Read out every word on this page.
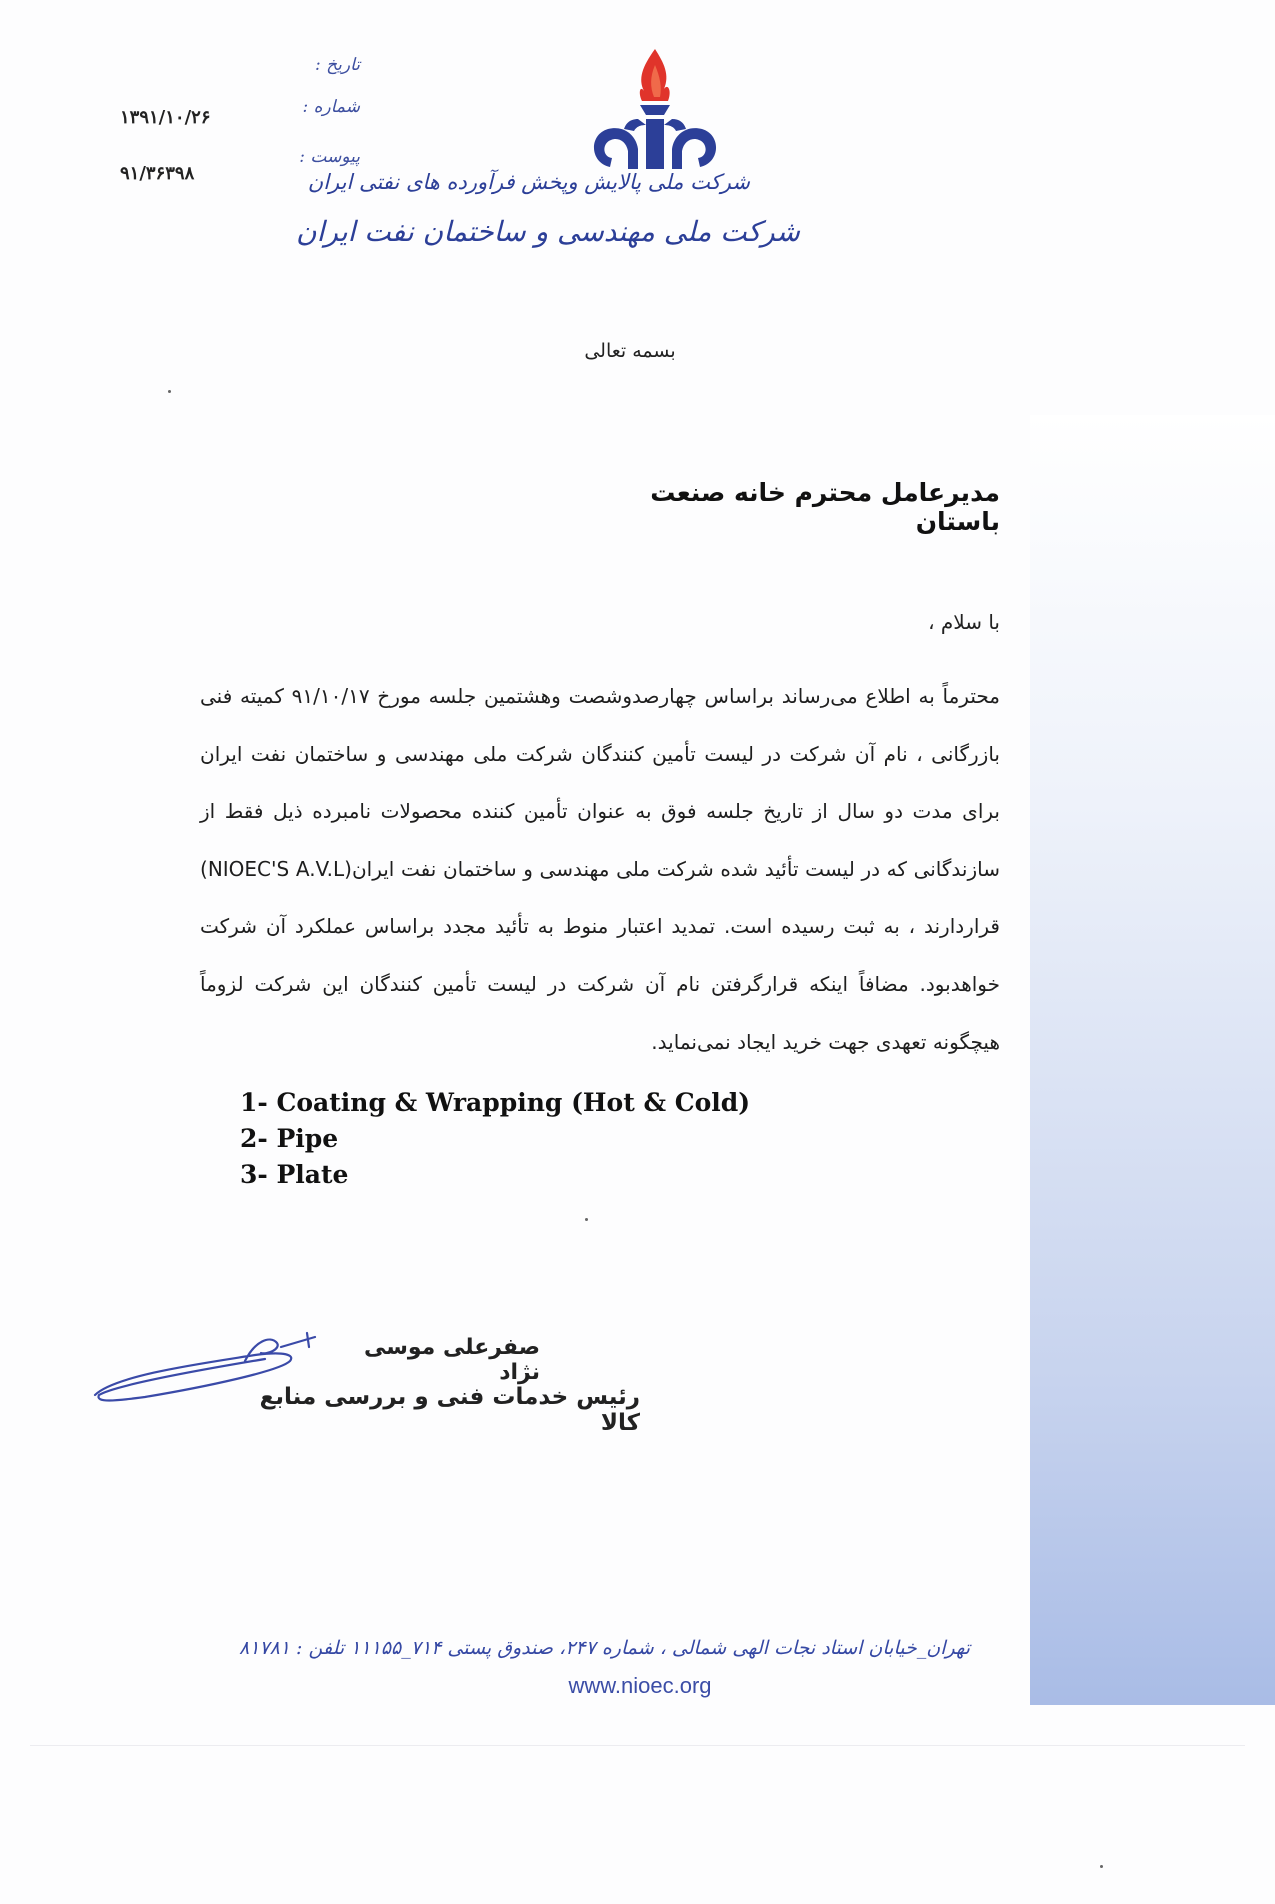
تاریخ :
شماره :
پیوست :
۱۳۹۱/۱۰/۲۶
۹۱/۳۶۳۹۸	شرکت ملی پالایش وپخش فرآورده های نفتی ایران
شرکت ملی مهندسی و ساختمان نفت ایران
بسمه تعالی
مدیرعامل محترم خانه صنعت باستان
با سلام ،
محترماً به اطلاع می‌رساند براساس چهارصدوشصت وهشتمین جلسه مورخ ۹۱/۱۰/۱۷ کمیته فنی بازرگانی ، نام آن شرکت در لیست تأمین کنندگان شرکت ملی مهندسی و ساختمان نفت ایران برای مدت دو سال از تاریخ جلسه فوق به عنوان تأمین کننده محصولات نامبرده ذیل فقط از سازندگانی که در لیست تأئید شده شرکت ملی مهندسی و ساختمان نفت ایران(NIOEC'S A.V.L) قراردارند ، به ثبت رسیده است. تمدید اعتبار منوط به تأئید مجدد براساس عملکرد آن شرکت خواهدبود. مضافاً اینکه قرارگرفتن نام آن شرکت در لیست تأمین کنندگان این شرکت لزوماً هیچگونه تعهدی جهت خرید ایجاد نمی‌نماید.
1- Coating & Wrapping (Hot & Cold)
2- Pipe
3- Plate
صفرعلی موسی نژاد
رئیس خدمات فنی و بررسی منابع کالا
تهران_خیابان استاد نجات الهی شمالی ، شماره ۲۴۷، صندوق پستی ۷۱۴_۱۱۱۵۵ تلفن : ۸۱۷۸۱
www.nioec.org
